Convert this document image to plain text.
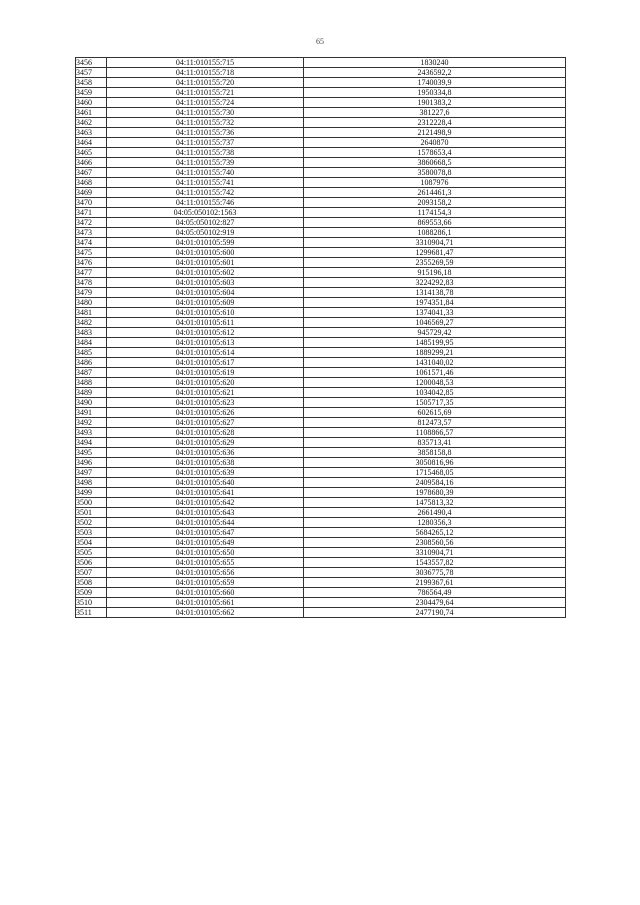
65
3456	04:11:010155:715	1830240
3457	04:11:010155:718	2436592,2
3458	04:11:010155:720	1740039,9
3459	04:11:010155:721	1950334,8
3460	04:11:010155:724	1901383,2
3461	04:11:010155:730	381227,6
3462	04:11:010155:732	2312228,4
3463	04:11:010155:736	2121498,9
3464	04:11:010155:737	2640870
3465	04:11:010155:738	1578653,4
3466	04:11:010155:739	3860668,5
3467	04:11:010155:740	3580078,8
3468	04:11:010155:741	1087976
3469	04:11:010155:742	2614461,3
3470	04:11:010155:746	2093158,2
3471	04:05:050102:1563	1174154,3
3472	04:05:050102:827	869553,66
3473	04:05:050102:919	1088286,1
3474	04:01:010105:599	3310904,71
3475	04:01:010105:600	1299681,47
3476	04:01:010105:601	2355269,59
3477	04:01:010105:602	915196,18
3478	04:01:010105:603	3224292,83
3479	04:01:010105:604	1314138,78
3480	04:01:010105:609	1974351,84
3481	04:01:010105:610	1374041,33
3482	04:01:010105:611	1046569,27
3483	04:01:010105:612	945729,42
3484	04:01:010105:613	1485199,95
3485	04:01:010105:614	1889299,21
3486	04:01:010105:617	1431040,02
3487	04:01:010105:619	1061571,46
3488	04:01:010105:620	1200048,53
3489	04:01:010105:621	1034042,85
3490	04:01:010105:623	1505717,35
3491	04:01:010105:626	602615,69
3492	04:01:010105:627	812473,57
3493	04:01:010105:628	1108866,57
3494	04:01:010105:629	835713,41
3495	04:01:010105:636	3858158,8
3496	04:01:010105:638	3050816,96
3497	04:01:010105:639	1715468,05
3498	04:01:010105:640	2409584,16
3499	04:01:010105:641	1978680,39
3500	04:01:010105:642	1475813,32
3501	04:01:010105:643	2661490,4
3502	04:01:010105:644	1280356,3
3503	04:01:010105:647	5684265,12
3504	04:01:010105:649	2308560,56
3505	04:01:010105:650	3310904,71
3506	04:01:010105:655	1543557,82
3507	04:01:010105:656	3036775,78
3508	04:01:010105:659	2199367,61
3509	04:01:010105:660	786564,49
3510	04:01:010105:661	2304479,64
3511	04:01:010105:662	2477190,74
